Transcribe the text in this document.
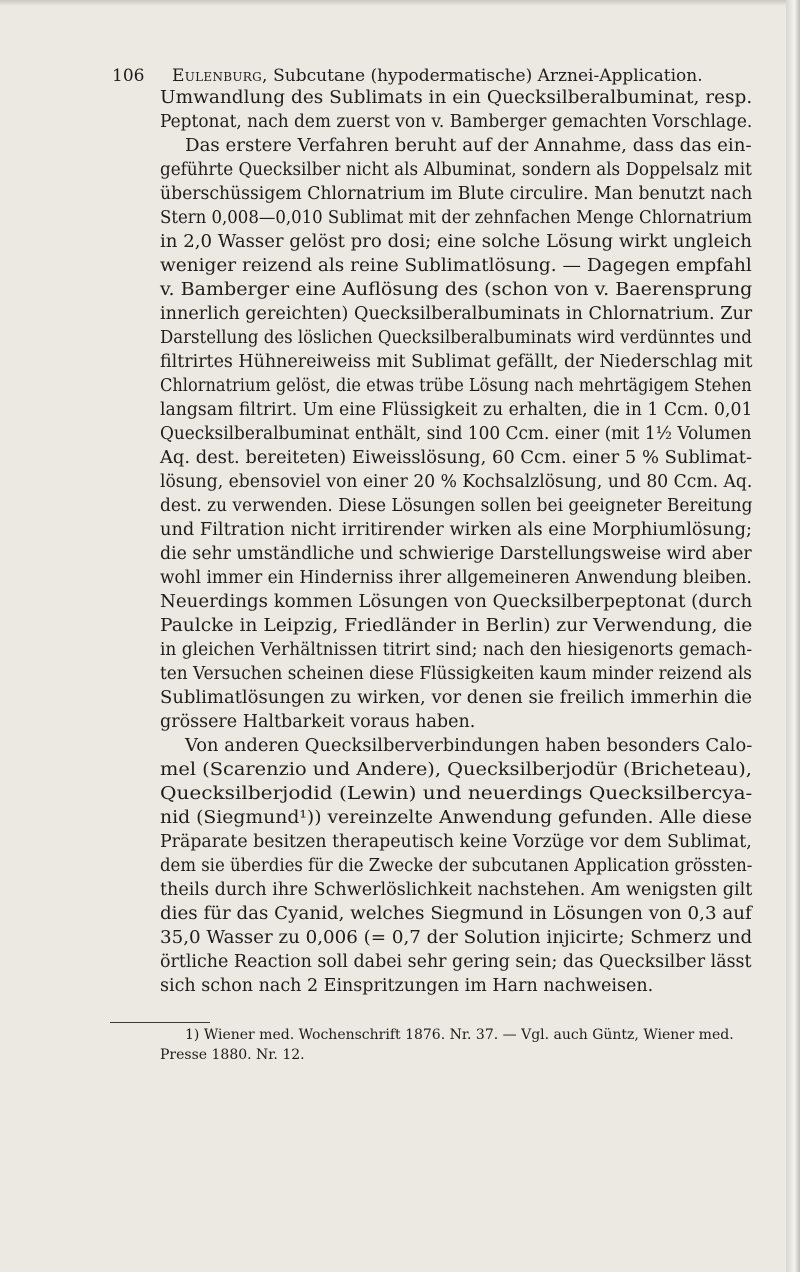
106 Eulenburg, Subcutane (hypodermatische) Arznei-Application.
Umwandlung des Sublimats in ein Quecksilberalbuminat, resp.
Peptonat, nach dem zuerst von v. Bamberger gemachten Vorschlage.
Das erstere Verfahren beruht auf der Annahme, dass das ein-
geführte Quecksilber nicht als Albuminat, sondern als Doppelsalz mit
überschüssigem Chlornatrium im Blute circulire. Man benutzt nach
Stern 0,008—0,010 Sublimat mit der zehnfachen Menge Chlornatrium
in 2,0 Wasser gelöst pro dosi; eine solche Lösung wirkt ungleich
weniger reizend als reine Sublimatlösung. — Dagegen empfahl
v. Bamberger eine Auflösung des (schon von v. Baerensprung
innerlich gereichten) Quecksilberalbuminats in Chlornatrium. Zur
Darstellung des löslichen Quecksilberalbuminats wird verdünntes und
filtrirtes Hühnereiweiss mit Sublimat gefällt, der Niederschlag mit
Chlornatrium gelöst, die etwas trübe Lösung nach mehrtägigem Stehen
langsam filtrirt. Um eine Flüssigkeit zu erhalten, die in 1 Ccm. 0,01
Quecksilberalbuminat enthält, sind 100 Ccm. einer (mit 1½ Volumen
Aq. dest. bereiteten) Eiweisslösung, 60 Ccm. einer 5 % Sublimat-
lösung, ebensoviel von einer 20 % Kochsalzlösung, und 80 Ccm. Aq.
dest. zu verwenden. Diese Lösungen sollen bei geeigneter Bereitung
und Filtration nicht irritirender wirken als eine Morphiumlösung;
die sehr umständliche und schwierige Darstellungsweise wird aber
wohl immer ein Hinderniss ihrer allgemeineren Anwendung bleiben.
Neuerdings kommen Lösungen von Quecksilberpeptonat (durch
Paulcke in Leipzig, Friedländer in Berlin) zur Verwendung, die
in gleichen Verhältnissen titrirt sind; nach den hiesigenorts gemach-
ten Versuchen scheinen diese Flüssigkeiten kaum minder reizend als
Sublimatlösungen zu wirken, vor denen sie freilich immerhin die
grössere Haltbarkeit voraus haben.
Von anderen Quecksilberverbindungen haben besonders Calo-
mel (Scarenzio und Andere), Quecksilberjodür (Bricheteau),
Quecksilberjodid (Lewin) und neuerdings Quecksilbercya-
nid (Siegmund¹)) vereinzelte Anwendung gefunden. Alle diese
Präparate besitzen therapeutisch keine Vorzüge vor dem Sublimat,
dem sie überdies für die Zwecke der subcutanen Application grössten-
theils durch ihre Schwerlöslichkeit nachstehen. Am wenigsten gilt
dies für das Cyanid, welches Siegmund in Lösungen von 0,3 auf
35,0 Wasser zu 0,006 (= 0,7 der Solution injicirte; Schmerz und
örtliche Reaction soll dabei sehr gering sein; das Quecksilber lässt
sich schon nach 2 Einspritzungen im Harn nachweisen.
1) Wiener med. Wochenschrift 1876. Nr. 37. — Vgl. auch Güntz, Wiener med.
Presse 1880. Nr. 12.
